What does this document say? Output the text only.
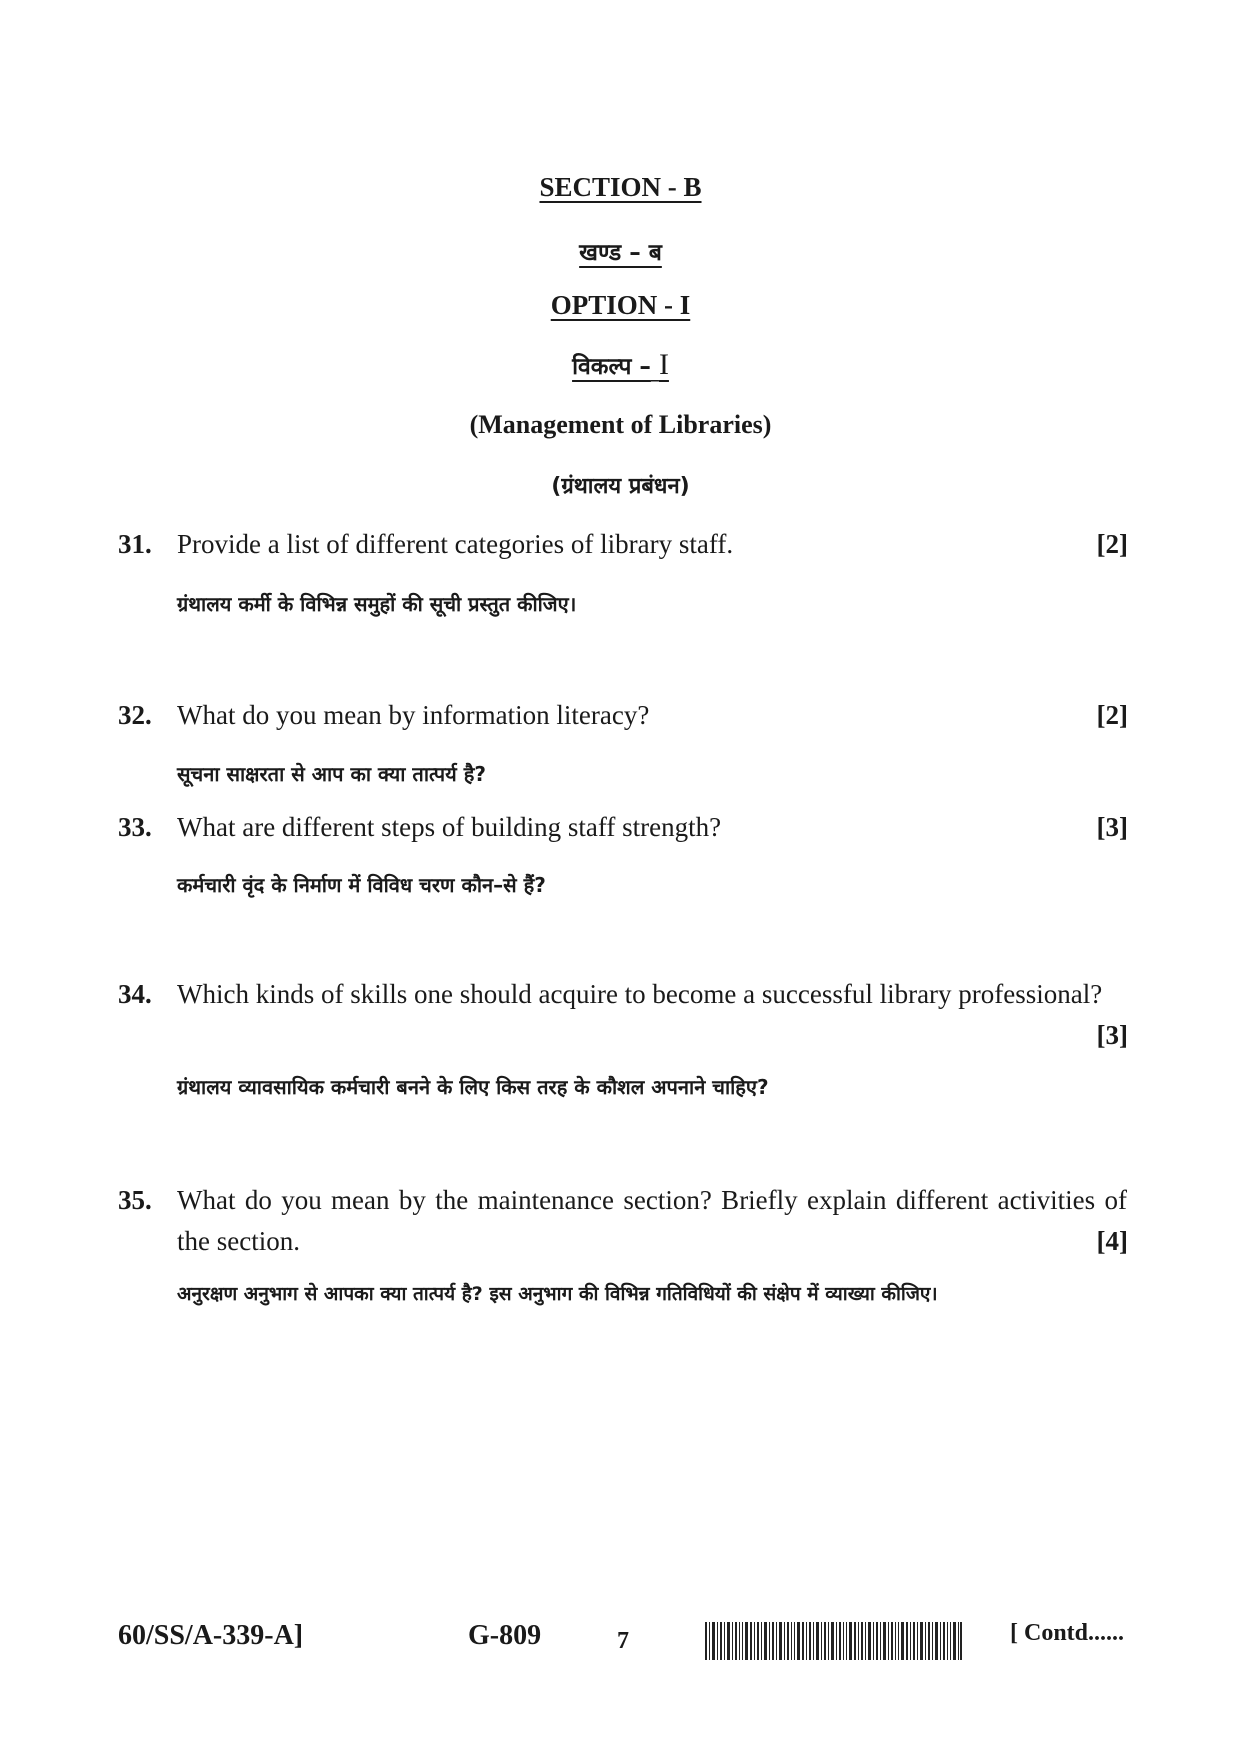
SECTION - B
खण्ड – ब
OPTION - I
विकल्प – I
(Management of Libraries)
(ग्रंथालय प्रबंधन)
31. Provide a list of different categories of library staff.	[2]
ग्रंथालय कर्मी के विभिन्न समुहों की सूची प्रस्तुत कीजिए।
32. What do you mean by information literacy?	[2]
सूचना साक्षरता से आप का क्या तात्पर्य है?
33. What are different steps of building staff strength?	[3]
कर्मचारी वृंद के निर्माण में विविध चरण कौन–से हैं?
34. Which kinds of skills one should acquire to become a successful library professional?
[3]
ग्रंथालय व्यावसायिक कर्मचारी बनने के लिए किस तरह के कौशल अपनाने चाहिए?
35. What do you mean by the maintenance section? Briefly explain different activities of the section.	[4]
अनुरक्षण अनुभाग से आपका क्या तात्पर्य है? इस अनुभाग की विभिन्न गतिविधियों की संक्षेप में व्याख्या कीजिए।
60/SS/A-339-A]	G-809	7	[ Contd......
